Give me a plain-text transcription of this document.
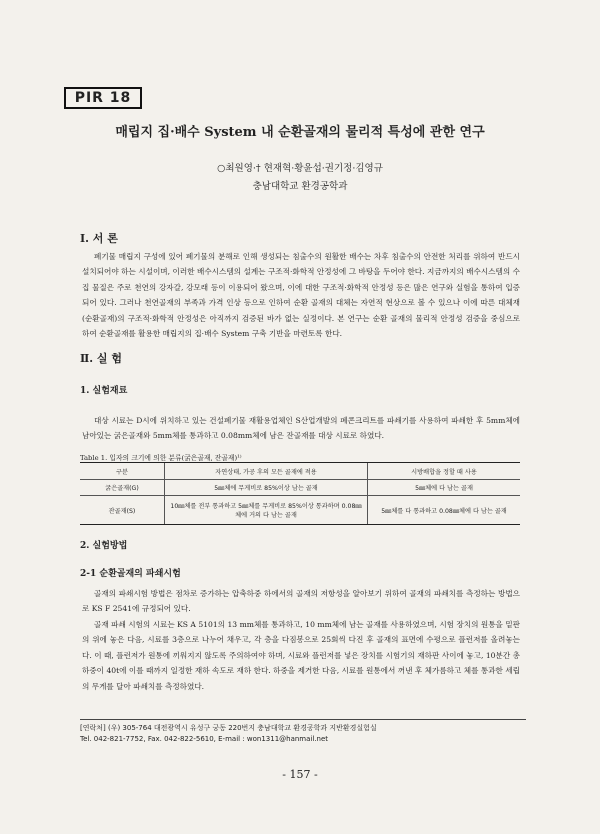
PIR 18
매립지 집·배수 System 내 순환골재의 물리적 특성에 관한 연구
○최원영·† 현재혁·황윤섭·권기정·김영규
충남대학교 환경공학과
Ⅰ. 서 론

폐기물 매립지 구성에 있어 폐기물의 분해로 인해 생성되는 침출수의 원활한 배수는 차후 침출수의 안전한 처리를 위하여 반드시 설치되어야 하는 시설이며, 이러한 배수시스템의 설계는 구조적·화학적 안정성에 그 바탕을 두어야 한다. 지금까지의 배수시스템의 수집 물질은 주로 천연의 강자갈, 강모래 등이 이용되어 왔으며, 이에 대한 구조적·화학적 안정성 등은 많은 연구와 실험을 통하여 입증되어 있다. 그러나 천연골재의 부족과 가격 인상 등으로 인하여 순환 골재의 대체는 자연적 현상으로 볼 수 있으나 이에 따른 대체재(순환골재)의 구조적·화학적 안정성은 아직까지 검증된 바가 없는 실정이다. 본 연구는 순환 골재의 물리적 안정성 검증을 중심으로 하여 순환골재를 활용한 매립지의 집·배수 System 구축 기반을 마련토록 한다.

Ⅱ. 실 험
1. 실험재료

대상 시료는 D시에 위치하고 있는 건설폐기물 재활용업체인 S산업개발의 폐콘크리트를 파쇄기를 사용하여 파쇄한 후 5mm체에 남아있는 굵은골재와 5mm체를 통과하고 0.08mm체에 남은 잔골재를 대상 시료로 하였다.

Table 1. 입자의 크기에 의한 분류(굵은골재, 잔골재)¹⁾
구분	자연상태, 가공 후의 모든 골재에 적용	시방배합을 정할 때 사용
굵은골재(G)	5㎜체에 무게비로 85%이상 남는 골재	5㎜체에 다 남는 골재
잔골재(S)	10㎜체를 전부 통과하고 5㎜체를 무게비로 85%이상 통과하며 0.08㎜체에 거의 다 남는 골재	5㎜체를 다 통과하고 0.08㎜체에 다 남는 골재
2. 실험방법
2-1 순환골재의 파쇄시험

골재의 파쇄시험 방법은 점차로 증가하는 압축하중 하에서의 골재의 저항성을 알아보기 위하여 골재의 파쇄치를 측정하는 방법으로 KS F 2541에 규정되어 있다.

골재 파쇄 시험의 시료는 KS A 5101의 13 mm체를 통과하고, 10 mm체에 남는 골재를 사용하였으며, 시험 장치의 원통을 밑판의 위에 놓은 다음, 시료를 3층으로 나누어 채우고, 각 층을 다짐봉으로 25회씩 다진 후 골재의 표면에 수평으로 플런저를 올려놓는다. 이 때, 플런저가 원통에 끼워지지 않도록 주의하여야 하며, 시료와 플런저를 넣은 장치를 시험기의 재하판 사이에 놓고, 10분간 총 하중이 40t에 이를 때까지 일정한 재하 속도로 재하 한다. 하중을 제거한 다음, 시료를 원통에서 꺼낸 후 체가름하고 체를 통과한 세립의 무게를 달아 파쇄치를 측정하였다.

[연락처] (우) 305-764 대전광역시 유성구 궁동 220번지 충남대학교 환경공학과 지반환경실험실
Tel. 042-821-7752, Fax. 042-822-5610, E-mail : won1311@hanmail.net
- 157 -
